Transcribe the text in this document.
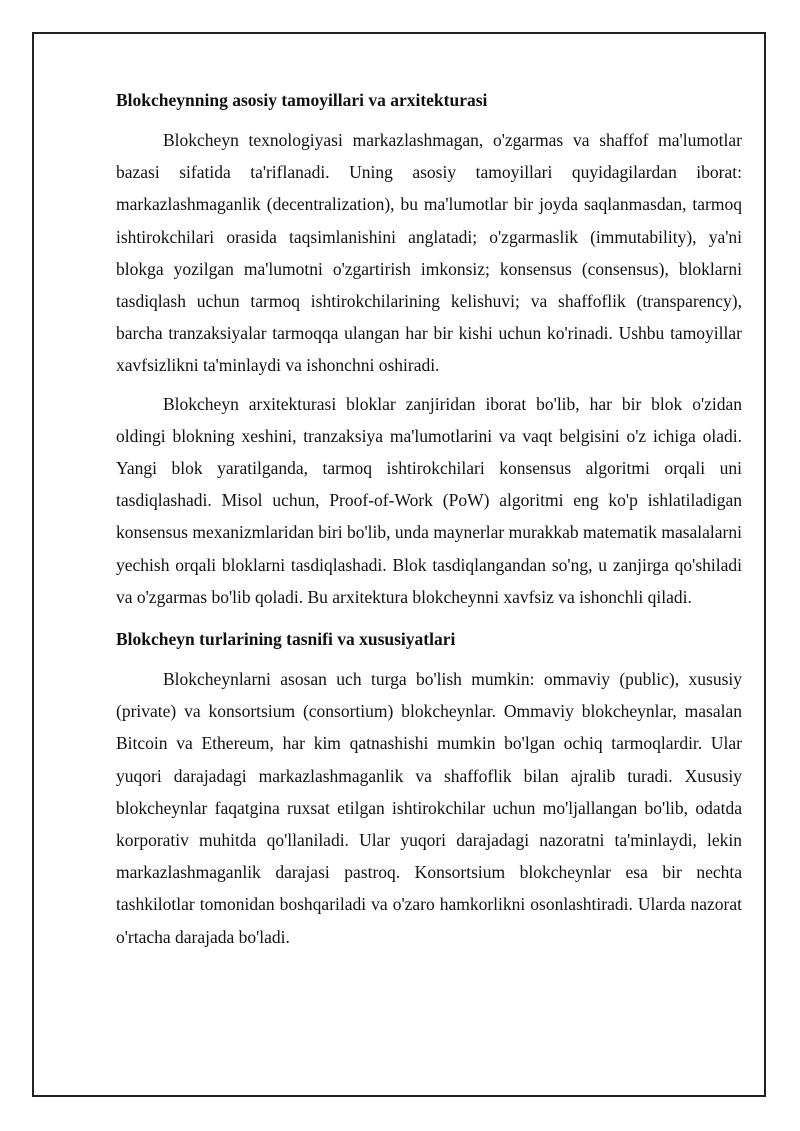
Blokcheynning asosiy tamoyillari va arxitekturasi

Blokcheyn texnologiyasi markazlashmagan, o'zgarmas va shaffof ma'lumotlar bazasi sifatida ta'riflanadi. Uning asosiy tamoyillari quyidagilardan iborat: markazlashmaganlik (decentralization), bu ma'lumotlar bir joyda saqlanmasdan, tarmoq ishtirokchilari orasida taqsimlanishini anglatadi; o'zgarmaslik (immutability), ya'ni blokga yozilgan ma'lumotni o'zgartirish imkonsiz; konsensus (consensus), bloklarni tasdiqlash uchun tarmoq ishtirokchilarining kelishuvi; va shaffoflik (transparency), barcha tranzaksiyalar tarmoqqa ulangan har bir kishi uchun ko'rinadi. Ushbu tamoyillar xavfsizlikni ta'minlaydi va ishonchni oshiradi.

Blokcheyn arxitekturasi bloklar zanjiridan iborat bo'lib, har bir blok o'zidan oldingi blokning xeshini, tranzaksiya ma'lumotlarini va vaqt belgisini o'z ichiga oladi. Yangi blok yaratilganda, tarmoq ishtirokchilari konsensus algoritmi orqali uni tasdiqlashadi. Misol uchun, Proof-of-Work (PoW) algoritmi eng ko'p ishlatiladigan konsensus mexanizmlaridan biri bo'lib, unda maynerlar murakkab matematik masalalarni yechish orqali bloklarni tasdiqlashadi. Blok tasdiqlangandan so'ng, u zanjirga qo'shiladi va o'zgarmas bo'lib qoladi. Bu arxitektura blokcheynni xavfsiz va ishonchli qiladi.

Blokcheyn turlarining tasnifi va xususiyatlari

Blokcheynlarni asosan uch turga bo'lish mumkin: ommaviy (public), xususiy (private) va konsortsium (consortium) blokcheynlar. Ommaviy blokcheynlar, masalan Bitcoin va Ethereum, har kim qatnashishi mumkin bo'lgan ochiq tarmoqlardir. Ular yuqori darajadagi markazlashmaganlik va shaffoflik bilan ajralib turadi. Xususiy blokcheynlar faqatgina ruxsat etilgan ishtirokchilar uchun mo'ljallangan bo'lib, odatda korporativ muhitda qo'llaniladi. Ular yuqori darajadagi nazoratni ta'minlaydi, lekin markazlashmaganlik darajasi pastroq. Konsortsium blokcheynlar esa bir nechta tashkilotlar tomonidan boshqariladi va o'zaro hamkorlikni osonlashtiradi. Ularda nazorat o'rtacha darajada bo'ladi.
